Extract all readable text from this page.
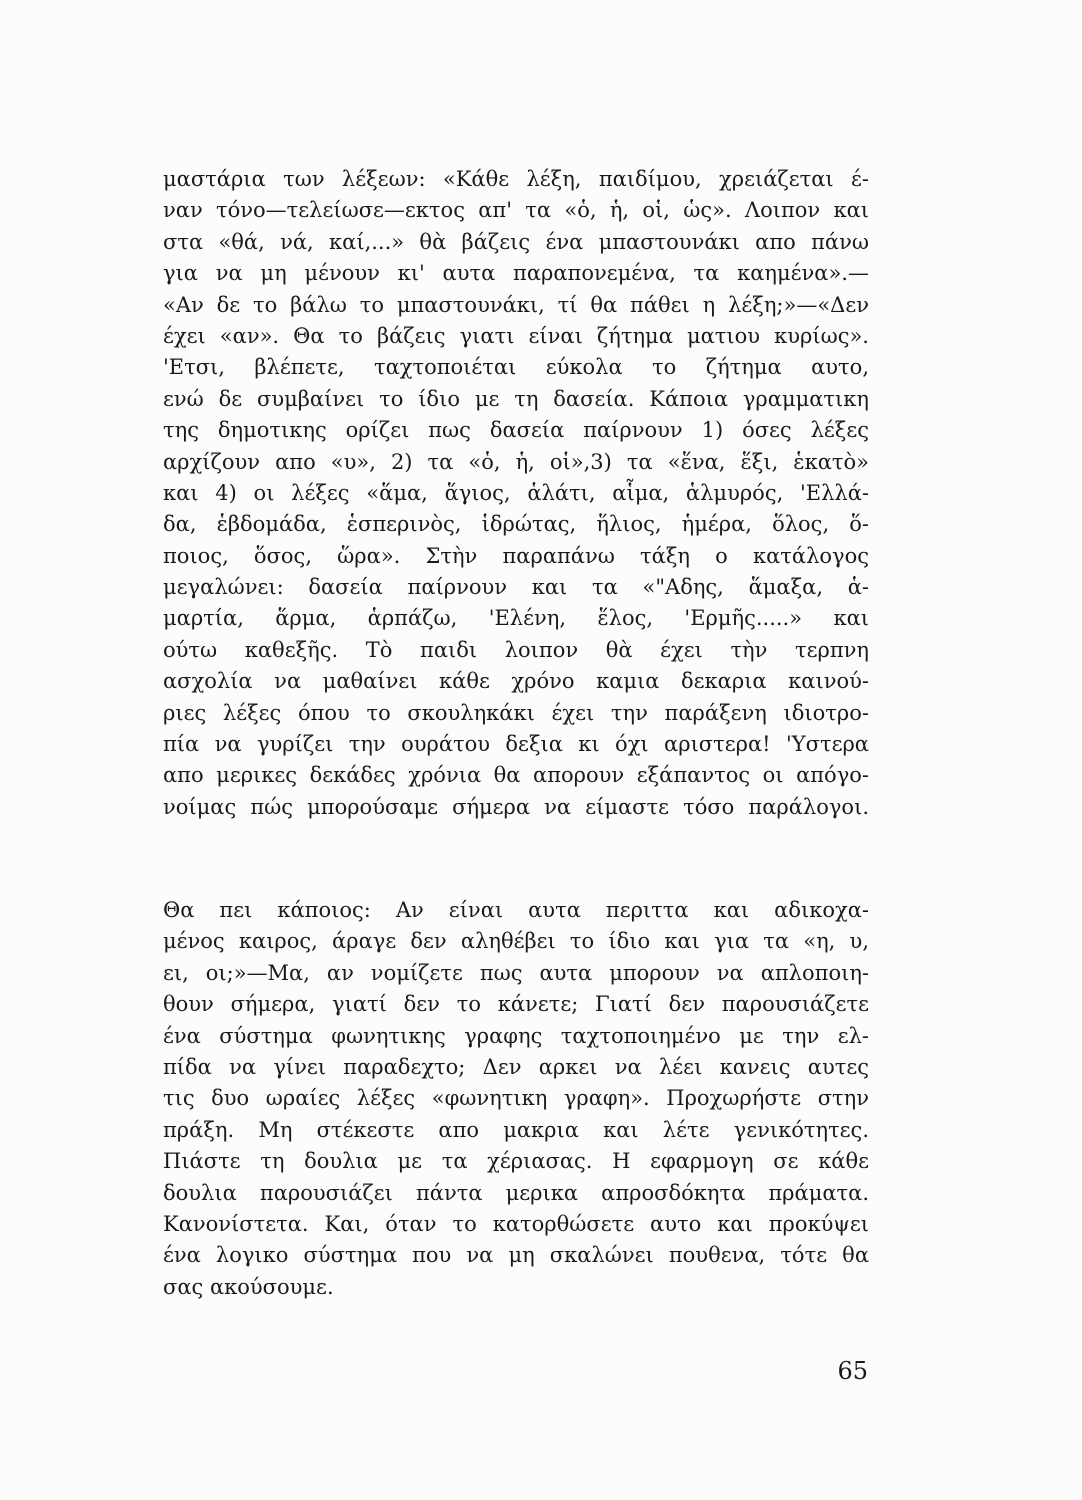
μαστάρια των λέξεων: «Κάθε λέξη, παιδίμου, χρειάζεται έ-
ναν τόνο—τελείωσε—εκτος απ' τα «ὁ, ἡ, οἱ, ὡς». Λοιπον και
στα «θά, νά, καί,...» θὰ βάζεις ένα μπαστουνάκι απο πάνω
για να μη μένουν κι' αυτα παραπονεμένα, τα καημένα».—
«Αν δε το βάλω το μπαστουνάκι, τί θα πάθει η λέξη;»—«Δεν
έχει «αν». Θα το βάζεις γιατι είναι ζήτημα ματιου κυρίως».
'Ετσι, βλέπετε, ταχτοποιέται εύκολα το ζήτημα αυτο,
ενώ δε συμβαίνει το ίδιο με τη δασεία. Κάποια γραμματικη
της δημοτικης ορίζει πως δασεία παίρνουν 1) όσες λέξες
αρχίζουν απο «υ», 2) τα «ὁ, ἡ, οἱ»,3) τα «ἕνα, ἕξι, ἑκατὸ»
και 4) οι λέξες «ἅμα, ἅγιος, ἁλάτι, αἷμα, ἁλμυρός, 'Ελλά-
δα, ἑβδομάδα, ἑσπερινὸς, ἱδρώτας, ἥλιος, ἡμέρα, ὅλος, ὅ-
ποιος, ὅσος, ὥρα». Στὴν παραπάνω τάξη ο κατάλογος
μεγαλώνει: δασεία παίρνουν και τα «"Αδης, ἅμαξα, ἁ-
μαρτία, ἅρμα, ἁρπάζω, 'Ελένη, ἕλος, 'Ερμῆς.....» και
ούτω καθεξῆς. Τὸ παιδι λοιπον θὰ έχει τὴν τερπνη
ασχολία να μαθαίνει κάθε χρόνο καμια δεκαρια καινού-
ριες λέξες όπου το σκουληκάκι έχει την παράξενη ιδιοτρο-
πία να γυρίζει την ουράτου δεξια κι όχι αριστερα! 'Υστερα
απο μερικες δεκάδες χρόνια θα απορουν εξάπαντος οι απόγο-
νοίμας πώς μπορούσαμε σήμερα να είμαστε τόσο παράλογοι.
Θα πει κάποιος: Αν είναι αυτα περιττα και αδικοχα-
μένος καιρος, άραγε δεν αληθέβει το ίδιο και για τα «η, υ,
ει, οι;»—Μα, αν νομίζετε πως αυτα μπορουν να απλοποιη-
θουν σήμερα, γιατί δεν το κάνετε; Γιατί δεν παρουσιάζετε
ένα σύστημα φωνητικης γραφης ταχτοποιημένο με την ελ-
πίδα να γίνει παραδεχτο; Δεν αρκει να λέει κανεις αυτες
τις δυο ωραίες λέξες «φωνητικη γραφη». Προχωρήστε στην
πράξη. Μη στέκεστε απο μακρια και λέτε γενικότητες.
Πιάστε τη δουλια με τα χέριασας. Η εφαρμογη σε κάθε
δουλια παρουσιάζει πάντα μερικα απροσδόκητα πράματα.
Κανονίστετα. Και, όταν το κατορθώσετε αυτο και προκύψει
ένα λογικο σύστημα που να μη σκαλώνει πουθενα, τότε θα
σας ακούσουμε.

65
